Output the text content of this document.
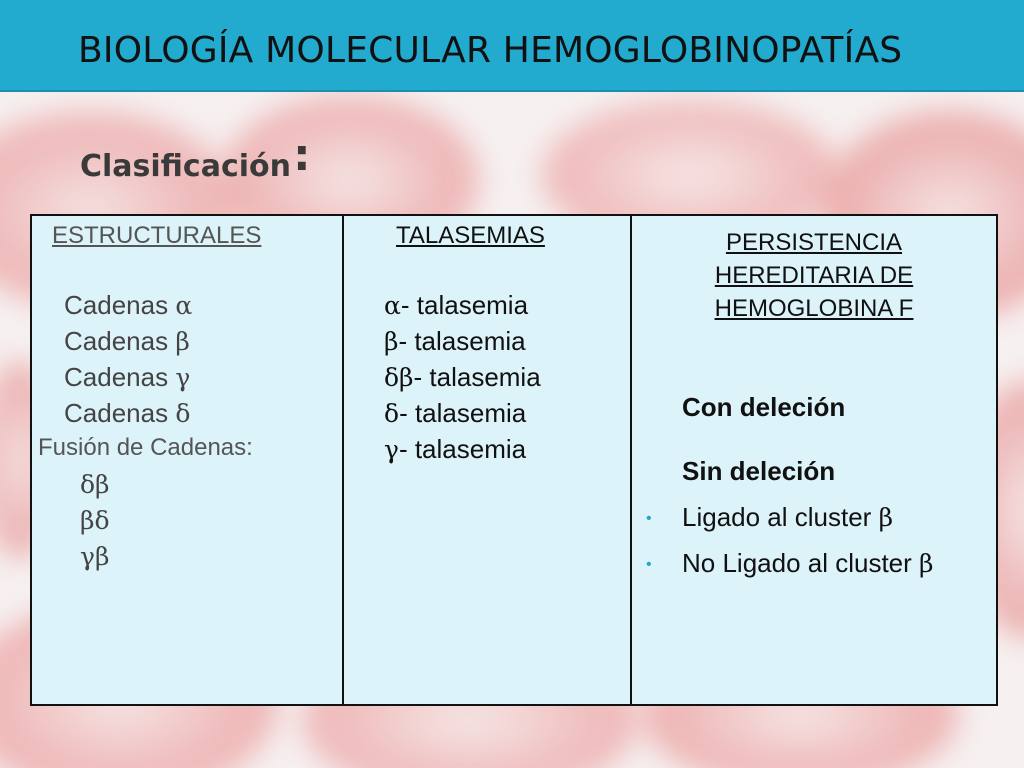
BIOLOGÍA MOLECULAR HEMOGLOBINOPATÍAS
Clasificación:
ESTRUCTURALES
Cadenas α
Cadenas β
Cadenas γ
Cadenas δ
Fusión de Cadenas:
δβ
βδ
γβ
TALASEMIAS
α- talasemia
β- talasemia
δβ- talasemia
δ- talasemia
γ- talasemia
PERSISTENCIA
HEREDITARIA DE
HEMOGLOBINA F
Con deleción
Sin deleción
• Ligado al cluster β
• No Ligado al cluster β
